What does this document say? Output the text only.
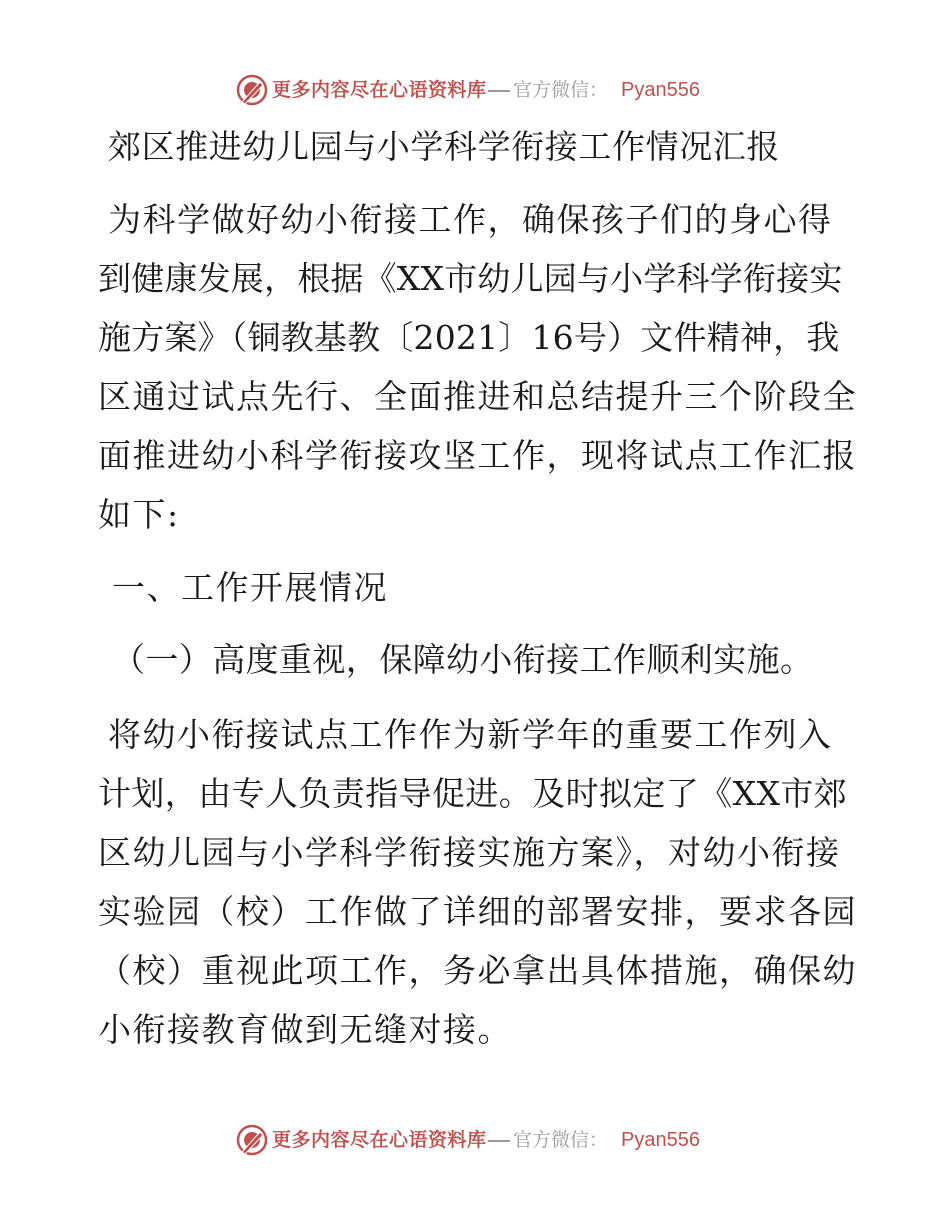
更多内容尽在心语资料库 官方微信： Pyan556
郊区推进幼儿园与小学科学衔接工作情况汇报
为科学做好幼小衔接工作，确保孩子们的身心得
到健康发展，根据《XX市幼儿园与小学科学衔接实
施方案》（铜教基教〔2021〕16号）文件精神，我
区通过试点先行、全面推进和总结提升三个阶段全
面推进幼小科学衔接攻坚工作，现将试点工作汇报
如下:
一、工作开展情况
（一）高度重视，保障幼小衔接工作顺利实施。
将幼小衔接试点工作作为新学年的重要工作列入
计划，由专人负责指导促进。及时拟定了《XX市郊
区幼儿园与小学科学衔接实施方案》，对幼小衔接
实验园（校）工作做了详细的部署安排，要求各园
（校）重视此项工作，务必拿出具体措施，确保幼
小衔接教育做到无缝对接。
更多内容尽在心语资料库 官方微信： Pyan556
